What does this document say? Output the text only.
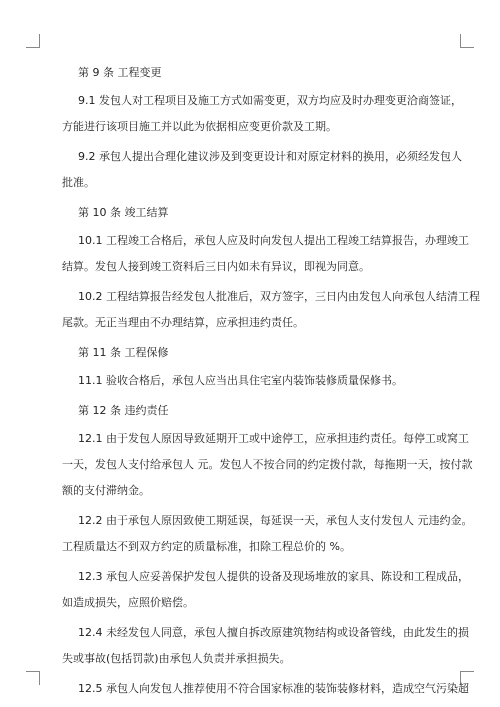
第 9 条 工程变更

9.1 发包人对工程项目及施工方式如需变更，双方均应及时办理变更洽商签证，

方能进行该项目施工并以此为依据相应变更价款及工期。

9.2 承包人提出合理化建议涉及到变更设计和对原定材料的换用，必须经发包人

批准。

第 10 条 竣工结算

10.1 工程竣工合格后，承包人应及时向发包人提出工程竣工结算报告，办理竣工

结算。发包人接到竣工资料后三日内如未有异议，即视为同意。

10.2 工程结算报告经发包人批准后，双方签字，三日内由发包人向承包人结清工程

尾款。无正当理由不办理结算，应承担违约责任。

第 11 条 工程保修

11.1 验收合格后，承包人应当出具住宅室内装饰装修质量保修书。

第 12 条 违约责任

12.1 由于发包人原因导致延期开工或中途停工，应承担违约责任。每停工或窝工

一天，发包人支付给承包人 元。发包人不按合同的约定拨付款，每拖期一天，按付款

额的支付滞纳金。

12.2 由于承包人原因致使工期延误，每延误一天，承包人支付发包人 元违约金。

工程质量达不到双方约定的质量标准，扣除工程总价的 %。

12.3 承包人应妥善保护发包人提供的设备及现场堆放的家具、陈设和工程成品，

如造成损失，应照价赔偿。

12.4 未经发包人同意，承包人擅自拆改原建筑物结构或设备管线，由此发生的损

失或事故(包括罚款)由承包人负责并承担损失。

12.5 承包人向发包人推荐使用不符合国家标准的装饰装修材料，造成空气污染超
